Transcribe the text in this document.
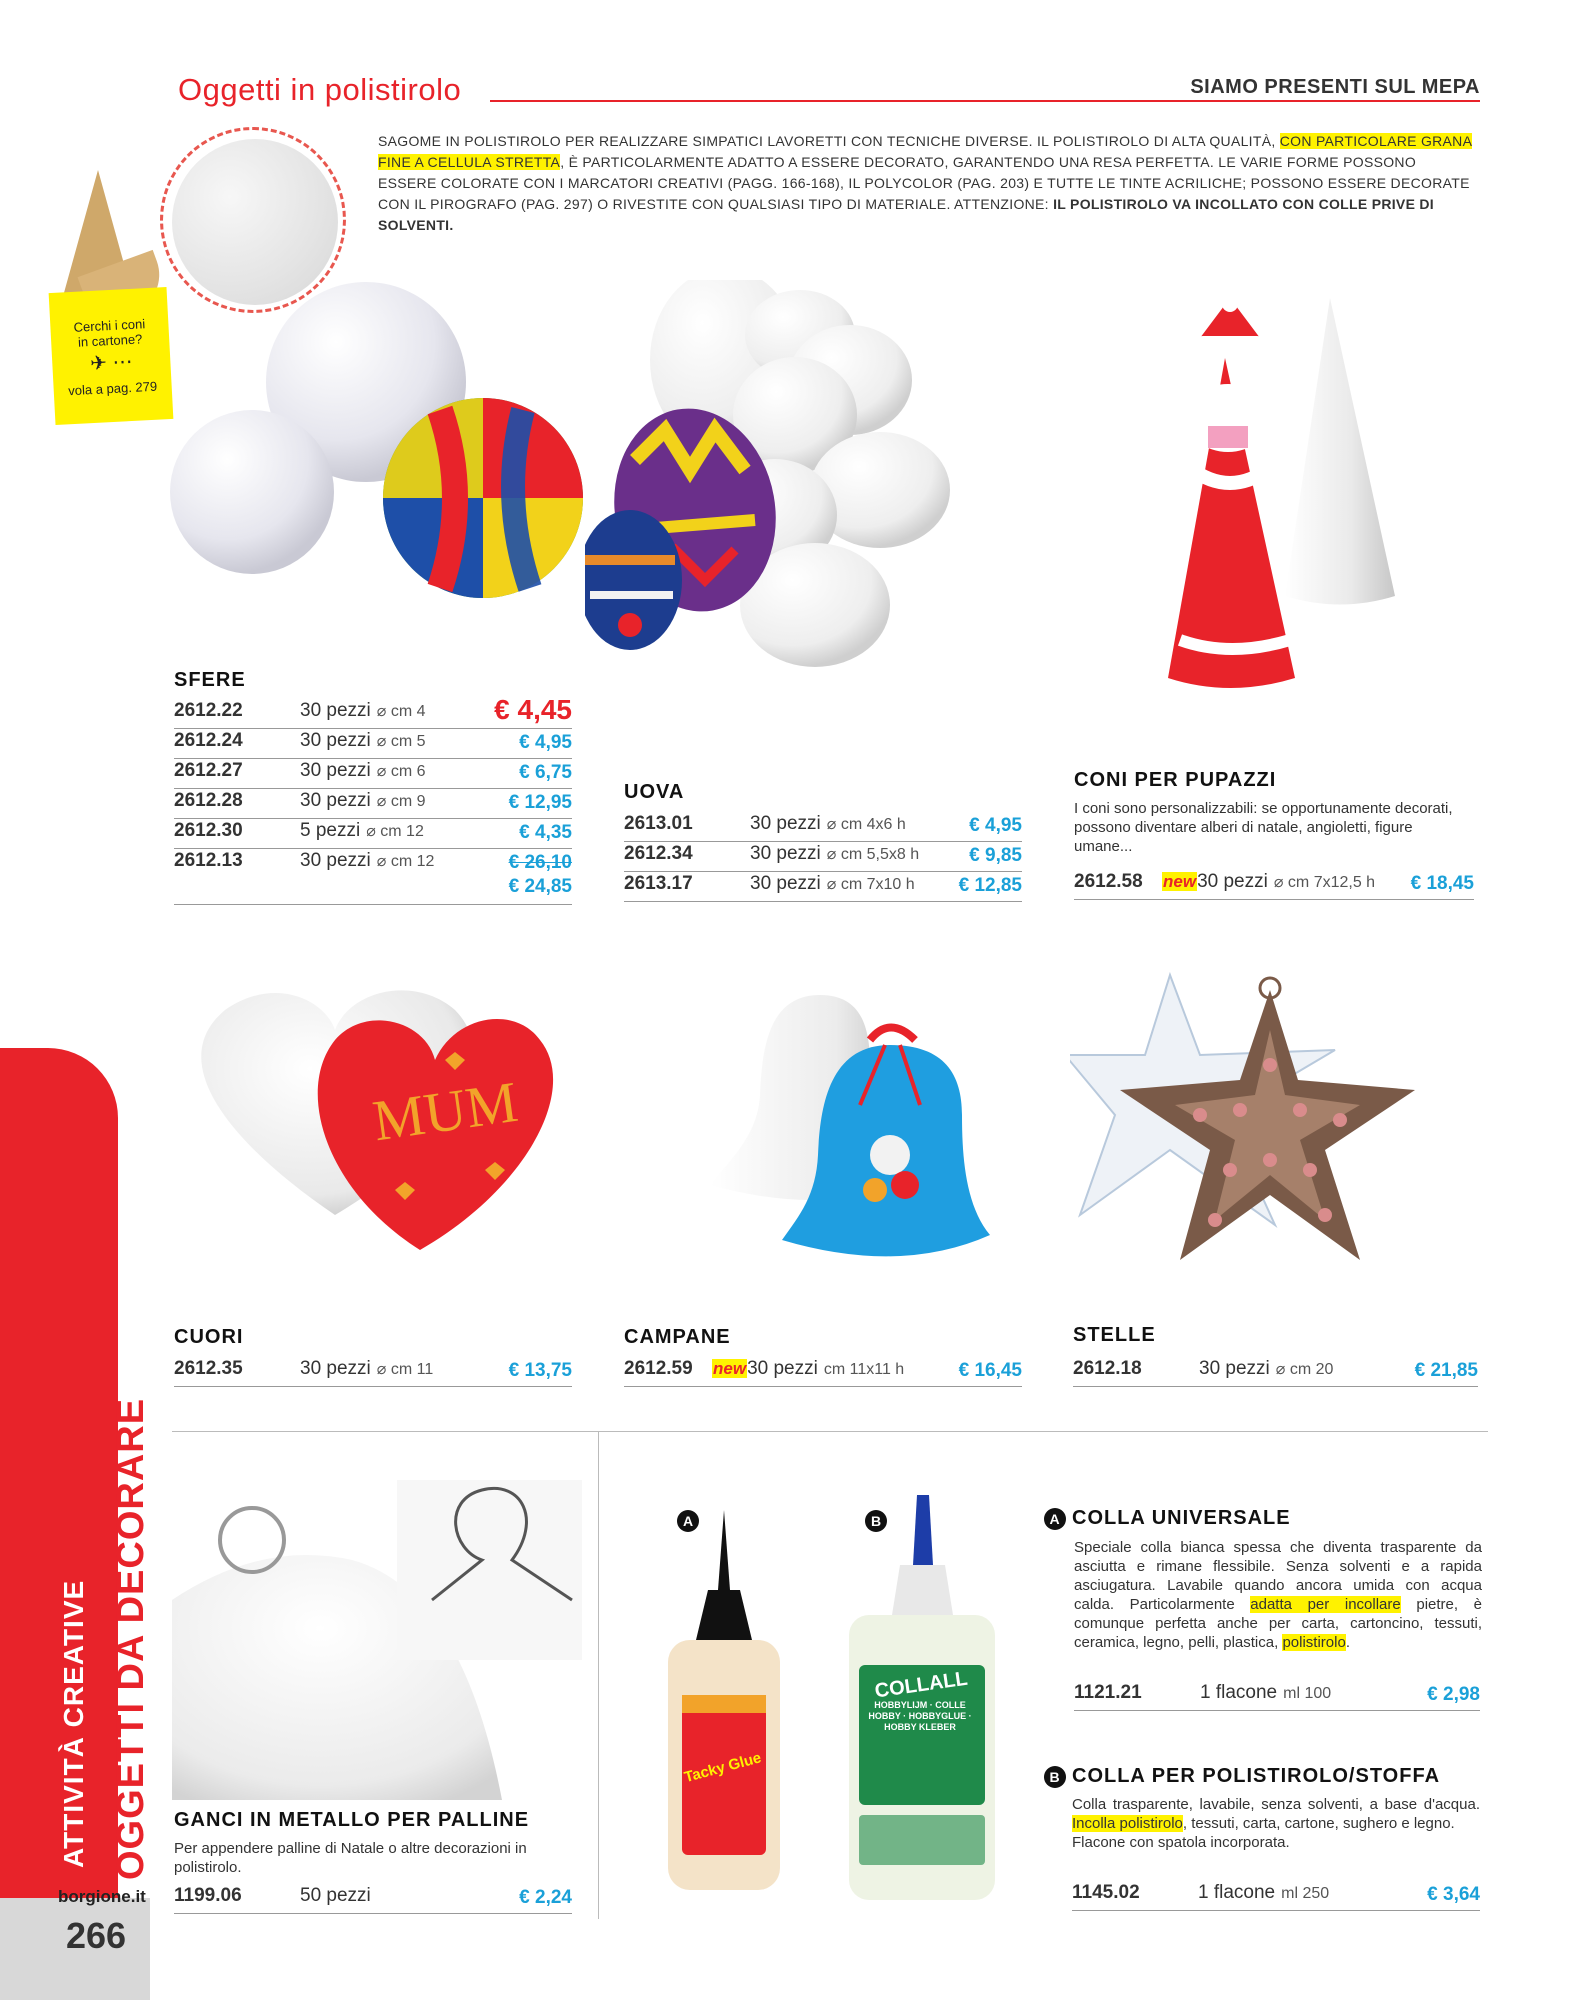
Oggetti in polistirolo	SIAMO PRESENTI SUL MEPA
SAGOME IN POLISTIROLO PER REALIZZARE SIMPATICI LAVORETTI CON TECNICHE DIVERSE. IL POLISTIROLO DI ALTA QUALITÀ, CON PARTICOLARE GRANA FINE A CELLULA STRETTA, È PARTICOLARMENTE ADATTO A ESSERE DECORATO, GARANTENDO UNA RESA PERFETTA. LE VARIE FORME POSSONO ESSERE COLORATE CON I MARCATORI CREATIVI (PAGG. 166-168), IL POLYCOLOR (PAG. 203) E TUTTE LE TINTE ACRILICHE; POSSONO ESSERE DECORATE CON IL PIROGRAFO (PAG. 297) O RIVESTITE CON QUALSIASI TIPO DI MATERIALE. ATTENZIONE: IL POLISTIROLO VA INCOLLATO CON COLLE PRIVE DI SOLVENTI.
Cerchi i coni
in cartone?
✈ ⋯
vola a pag. 279
SFERE
2612.22	30 pezzi ⌀ cm 4 € 4,45
2612.24	30 pezzi ⌀ cm 5	€ 4,95
2612.27	30 pezzi ⌀ cm 6	€ 6,75
2612.28	30 pezzi ⌀ cm 9	€ 12,95
2612.30	5 pezzi ⌀ cm 12	€ 4,35
2612.13	30 pezzi ⌀ cm 12	€ 26,10
€ 24,85
UOVA
2613.01	30 pezzi ⌀ cm 4x6 h	€ 4,95
2612.34	30 pezzi ⌀ cm 5,5x8 h	€ 9,85
2613.17	30 pezzi ⌀ cm 7x10 h € 12,85
CONI PER PUPAZZI
I coni sono personalizzabili: se opportunamente decorati, possono diventare alberi di natale, angioletti, figure umane...
2612.58 new30 pezzi ⌀ cm 7x12,5 h € 18,45
MUM
CUORI
2612.35	30 pezzi ⌀ cm 11	€ 13,75
CAMPANE
2612.59 new30 pezzi cm 11x11 h	€ 16,45
STELLE
2612.18	30 pezzi ⌀ cm 20	€ 21,85
GANCI IN METALLO PER PALLINE
Per appendere palline di Natale o altre decorazioni in polistirolo.
1199.06	50 pezzi	€ 2,24
A	B
Tacky Glue
COLLALL
HOBBYLIJM · COLLE HOBBY · HOBBYGLUE · HOBBY KLEBER
A COLLA UNIVERSALE
Speciale colla bianca spessa che diventa trasparente da asciutta e rimane flessibile. Senza solventi e a rapida asciugatura. Lavabile quando ancora umida con acqua calda. Particolarmente adatta per incollare pietre, è comunque perfetta anche per carta, cartoncino, tessuti, ceramica, legno, pelli, plastica, polistirolo.
1121.21	1 flacone ml 100	€ 2,98
B COLLA PER POLISTIROLO/STOFFA
Colla trasparente, lavabile, senza solventi, a base d'acqua. Incolla polistirolo, tessuti, carta, cartone, sughero e legno.
Flacone con spatola incorporata.
1145.02	1 flacone ml 250	€ 3,64
ATTIVITÀ CREATIVE OGGETTI DA DECORARE
borgione.it
266
